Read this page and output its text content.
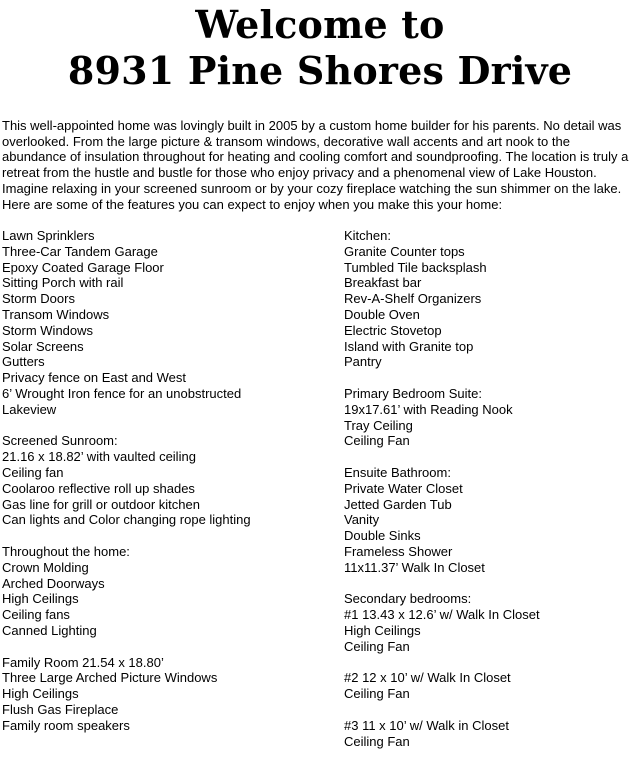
Welcome to
8931 Pine Shores Drive

This well-appointed home was lovingly built in 2005 by a custom home builder for his parents. No detail was overlooked. From the large picture & transom windows, decorative wall accents and art nook to the abundance of insulation throughout for heating and cooling comfort and soundproofing. The location is truly a retreat from the hustle and bustle for those who enjoy privacy and a phenomenal view of Lake Houston. Imagine relaxing in your screened sunroom or by your cozy fireplace watching the sun shimmer on the lake. Here are some of the features you can expect to enjoy when you make this your home:

Lawn Sprinklers
Three-Car Tandem Garage
Epoxy Coated Garage Floor
Sitting Porch with rail
Storm Doors
Transom Windows
Storm Windows
Solar Screens
Gutters
Privacy fence on East and West
6’ Wrought Iron fence for an unobstructed
Lakeview
Screened Sunroom:
21.16 x 18.82’ with vaulted ceiling
Ceiling fan
Coolaroo reflective roll up shades
Gas line for grill or outdoor kitchen
Can lights and Color changing rope lighting
Throughout the home:
Crown Molding
Arched Doorways
High Ceilings
Ceiling fans
Canned Lighting
Family Room 21.54 x 18.80’
Three Large Arched Picture Windows
High Ceilings
Flush Gas Fireplace
Family room speakers
Kitchen:
Granite Counter tops
Tumbled Tile backsplash
Breakfast bar
Rev-A-Shelf Organizers
Double Oven
Electric Stovetop
Island with Granite top
Pantry
Primary Bedroom Suite:
19x17.61’ with Reading Nook
Tray Ceiling
Ceiling Fan
Ensuite Bathroom:
Private Water Closet
Jetted Garden Tub
Vanity
Double Sinks
Frameless Shower
11x11.37’ Walk In Closet
Secondary bedrooms:
#1 13.43 x 12.6’ w/ Walk In Closet
High Ceilings
Ceiling Fan
#2 12 x 10’ w/ Walk In Closet
Ceiling Fan
#3 11 x 10’ w/ Walk in Closet
Ceiling Fan
